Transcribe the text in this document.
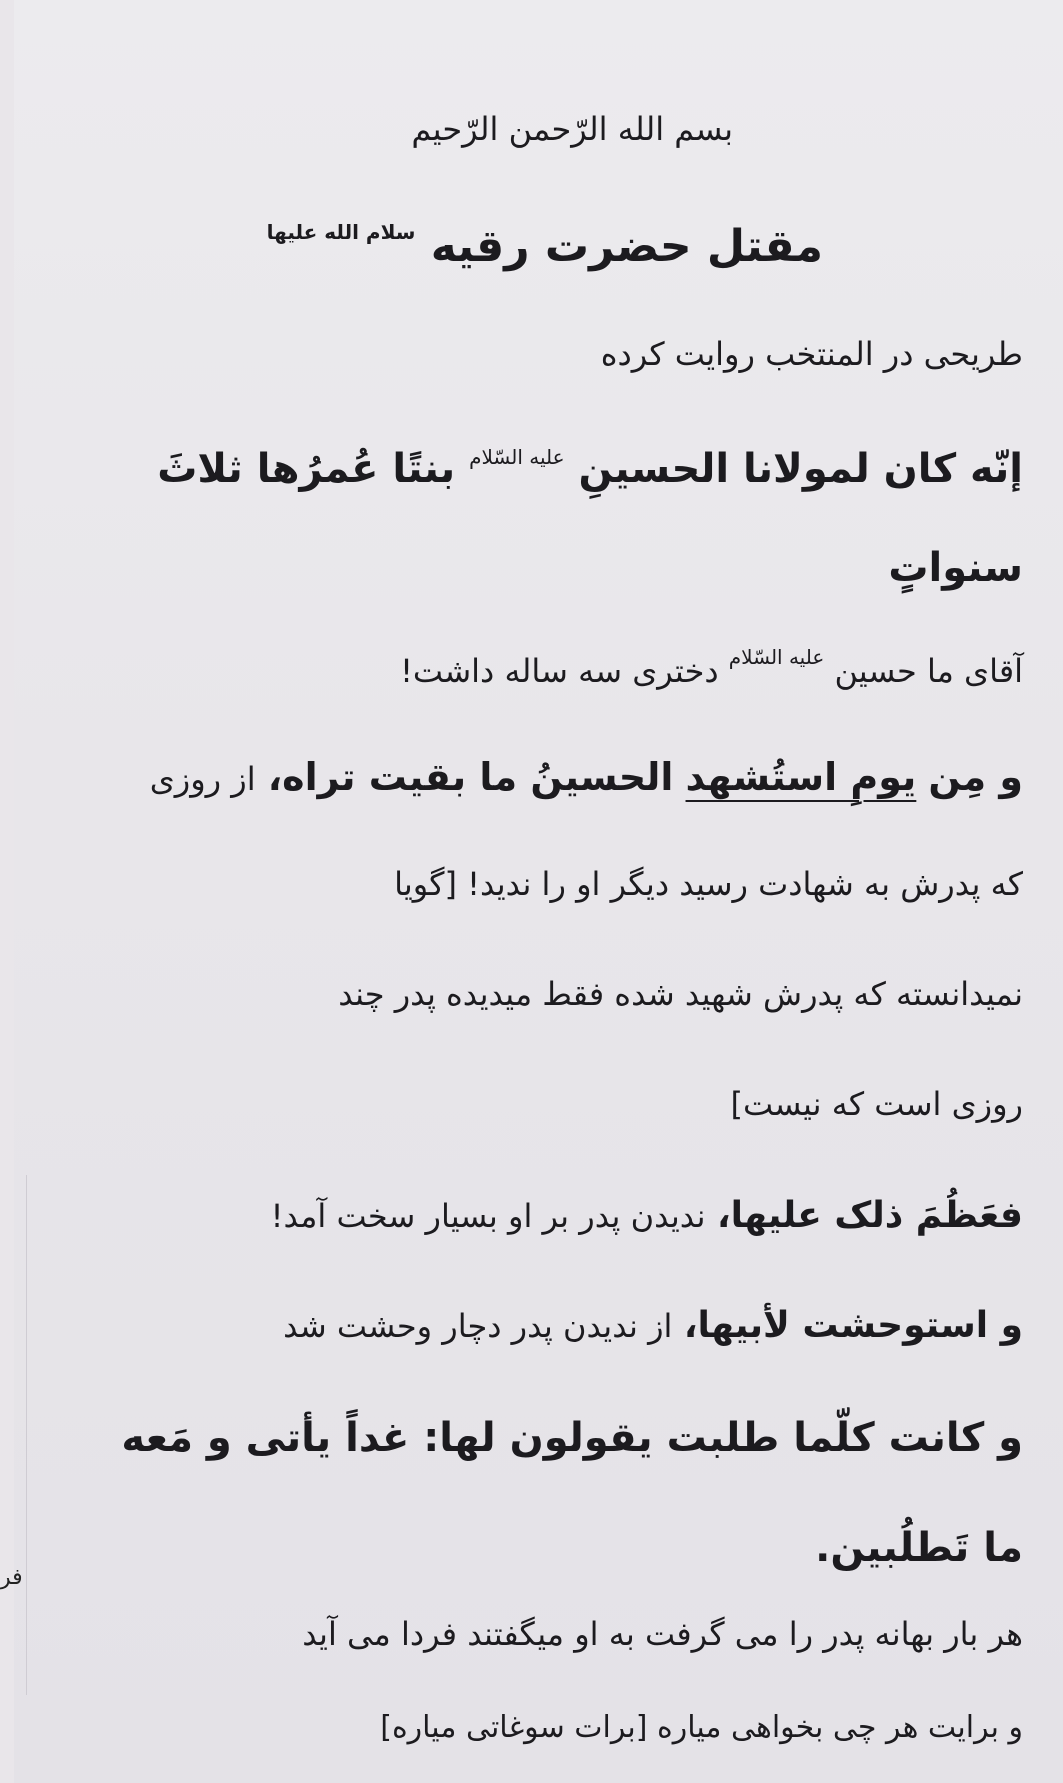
بسم الله الرّحمن الرّحیم

مقتل حضرت رقیه $^{سلام الله علیها}$

طریحی در المنتخب روایت کرده

إنّه کان لمولانا الحسینِ $^{علیه السّلام}$ بنتًا عُمرُها ثلاثَ

سنواتٍ

آقای ما حسین $^{علیه السّلام}$ دختری سه ساله داشت!

و مِن یومِ استُشهد الحسینُ ما بقیت تراه، از روزی

که پدرش به شهادت رسید دیگر او را ندید! [گویا

نمیدانسته که پدرش شهید شده فقط میدیده پدر چند

روزی است که نیست]

فعَظُمَ ذلک علیها، ندیدن پدر بر او بسیار سخت آمد!

و استوحشت لأبیها، از ندیدن پدر دچار وحشت شد

و کانت کلّما طلبت یقولون لها: غداً یأتی و مَعه

ما تَطلُبین.

هر بار بهانه پدر را می گرفت به او میگفتند فردا می آید

و برایت هر چی بخواهی میاره [برات سوغاتی میاره]

فر
